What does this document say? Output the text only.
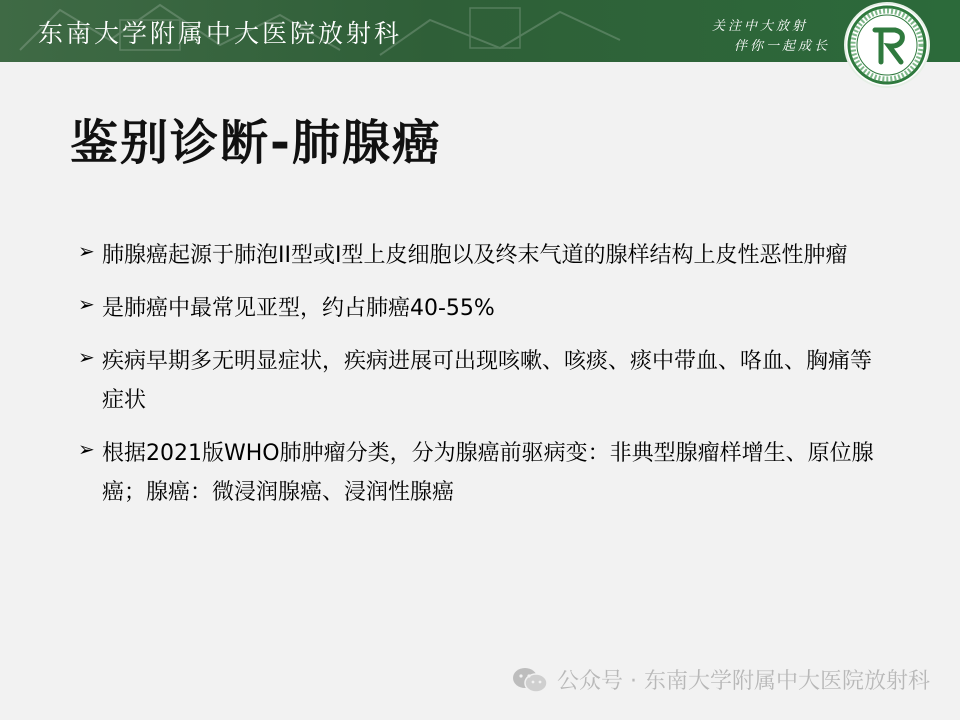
东南大学附属中大医院放射科	关注中大放射
伴你一起成长
鉴别诊断-肺腺癌
➢ 肺腺癌起源于肺泡II型或I型上皮细胞以及终末气道的腺样结构上皮性恶性肿瘤
➢ 是肺癌中最常见亚型，约占肺癌40-55%
➢ 疾病早期多无明显症状，疾病进展可出现咳嗽、咳痰、痰中带血、咯血、胸痛等症状
➢ 根据2021版WHO肺肿瘤分类，分为腺癌前驱病变：非典型腺瘤样增生、原位腺癌；腺癌：微浸润腺癌、浸润性腺癌
公众号 · 东南大学附属中大医院放射科
